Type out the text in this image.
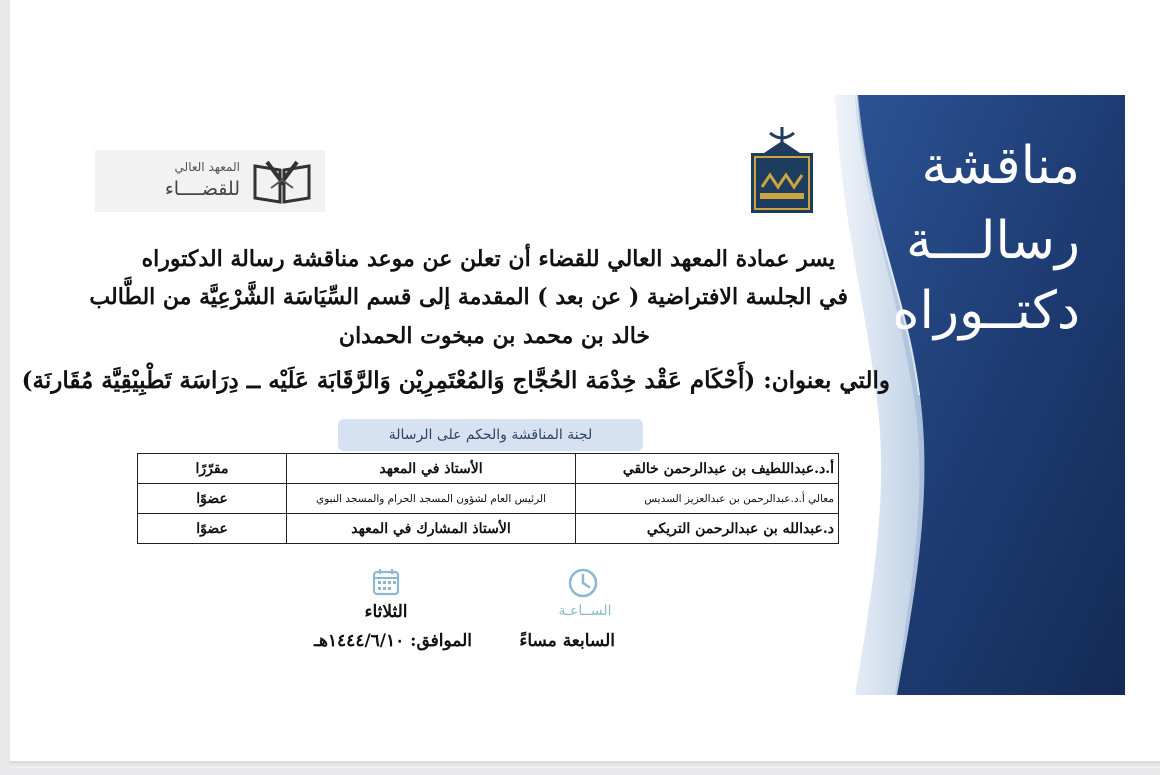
مناقشة
رسالـــة
دكتــوراه
المعهد العالي
للقضــــاء
يسر عمادة المعهد العالي للقضاء أن تعلن عن موعد مناقشة رسالة الدكتوراه
في الجلسة الافتراضية ( عن بعد ) المقدمة إلى قسم السِّيَاسَة الشَّرْعِيَّة من الطَّالب
خالد بن محمد بن مبخوت الحمدان
والتي بعنوان: (أَحْكَام عَقْد خِدْمَة الحُجَّاج وَالمُعْتَمِرِيْن وَالرَّقَابَة عَلَيْه ــ دِرَاسَة تَطْبِيْقِيَّة مُقَارنَة)
لجنة المناقشة والحكم على الرسالة
أ.د.عبداللطيف بن عبدالرحمن خالقي	الأستاذ في المعهد	مقرّرًا
معالي أ.د.عبدالرحمن بن عبدالعزيز السديس	الرئيس العام لشؤون المسجد الحرام والمسجد النبوي	عضوًا
د.عبدالله بن عبدالرحمن التريكي	الأستاذ المشارك في المعهد	عضوًا
الســاعـة
الثلاثاء
السابعة مساءً
الموافق: ١٤٤٤/٦/١٠هـ
